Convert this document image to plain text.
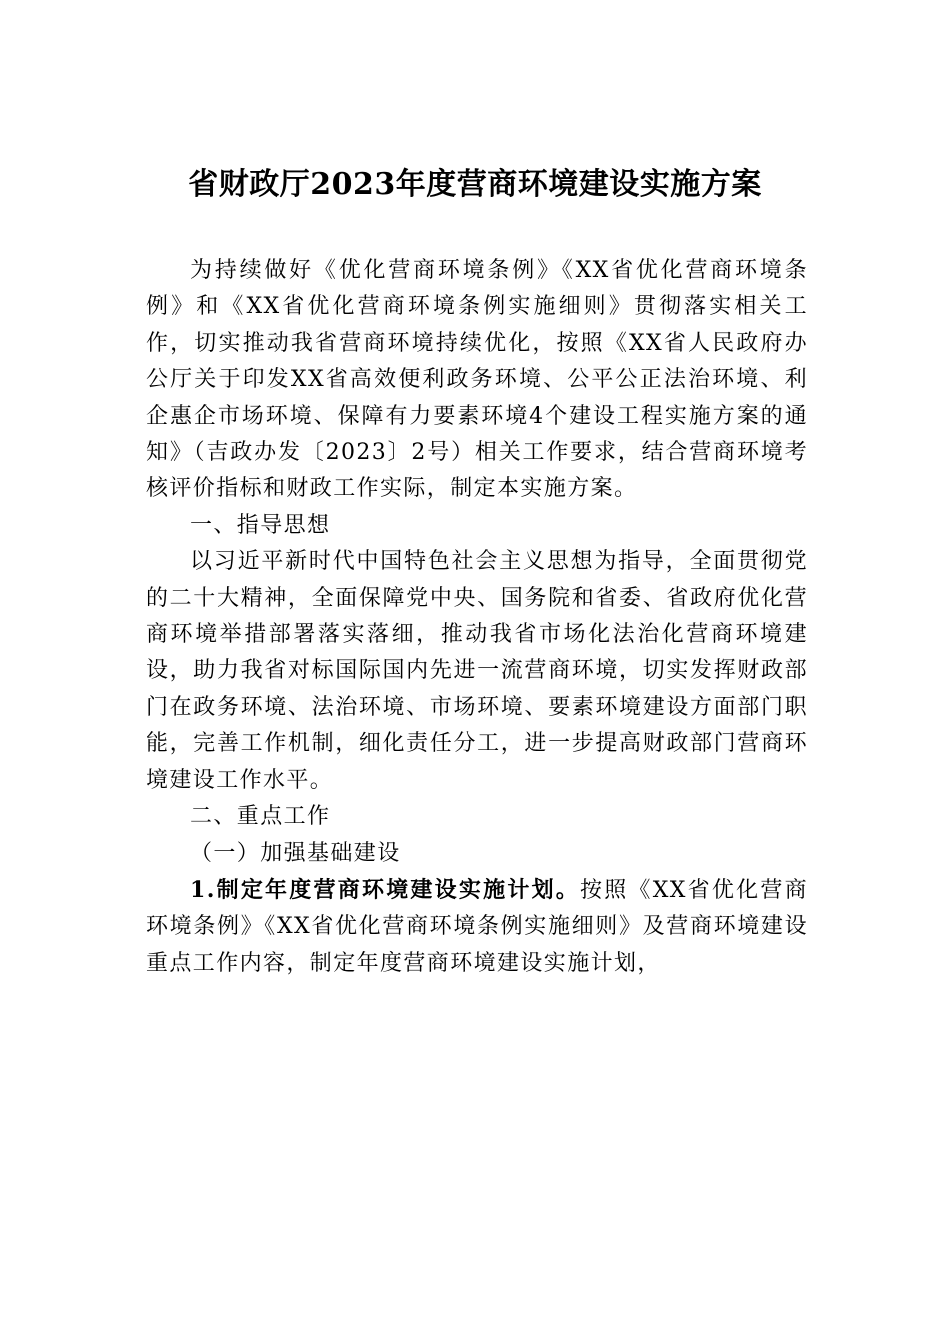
省财政厅2023年度营商环境建设实施方案

为持续做好《优化营商环境条例》《XX省优化营商环境条例》和《XX省优化营商环境条例实施细则》贯彻落实相关工作，切实推动我省营商环境持续优化，按照《XX省人民政府办公厅关于印发XX省高效便利政务环境、公平公正法治环境、利企惠企市场环境、保障有力要素环境4个建设工程实施方案的通知》（吉政办发〔2023〕2号）相关工作要求，结合营商环境考核评价指标和财政工作实际，制定本实施方案。

一、指导思想

以习近平新时代中国特色社会主义思想为指导，全面贯彻党的二十大精神，全面保障党中央、国务院和省委、省政府优化营商环境举措部署落实落细，推动我省市场化法治化营商环境建设，助力我省对标国际国内先进一流营商环境，切实发挥财政部门在政务环境、法治环境、市场环境、要素环境建设方面部门职能，完善工作机制，细化责任分工，进一步提高财政部门营商环境建设工作水平。

二、重点工作

（一）加强基础建设

1.制定年度营商环境建设实施计划。按照《XX省优化营商环境条例》《XX省优化营商环境条例实施细则》及营商环境建设重点工作内容，制定年度营商环境建设实施计划，
